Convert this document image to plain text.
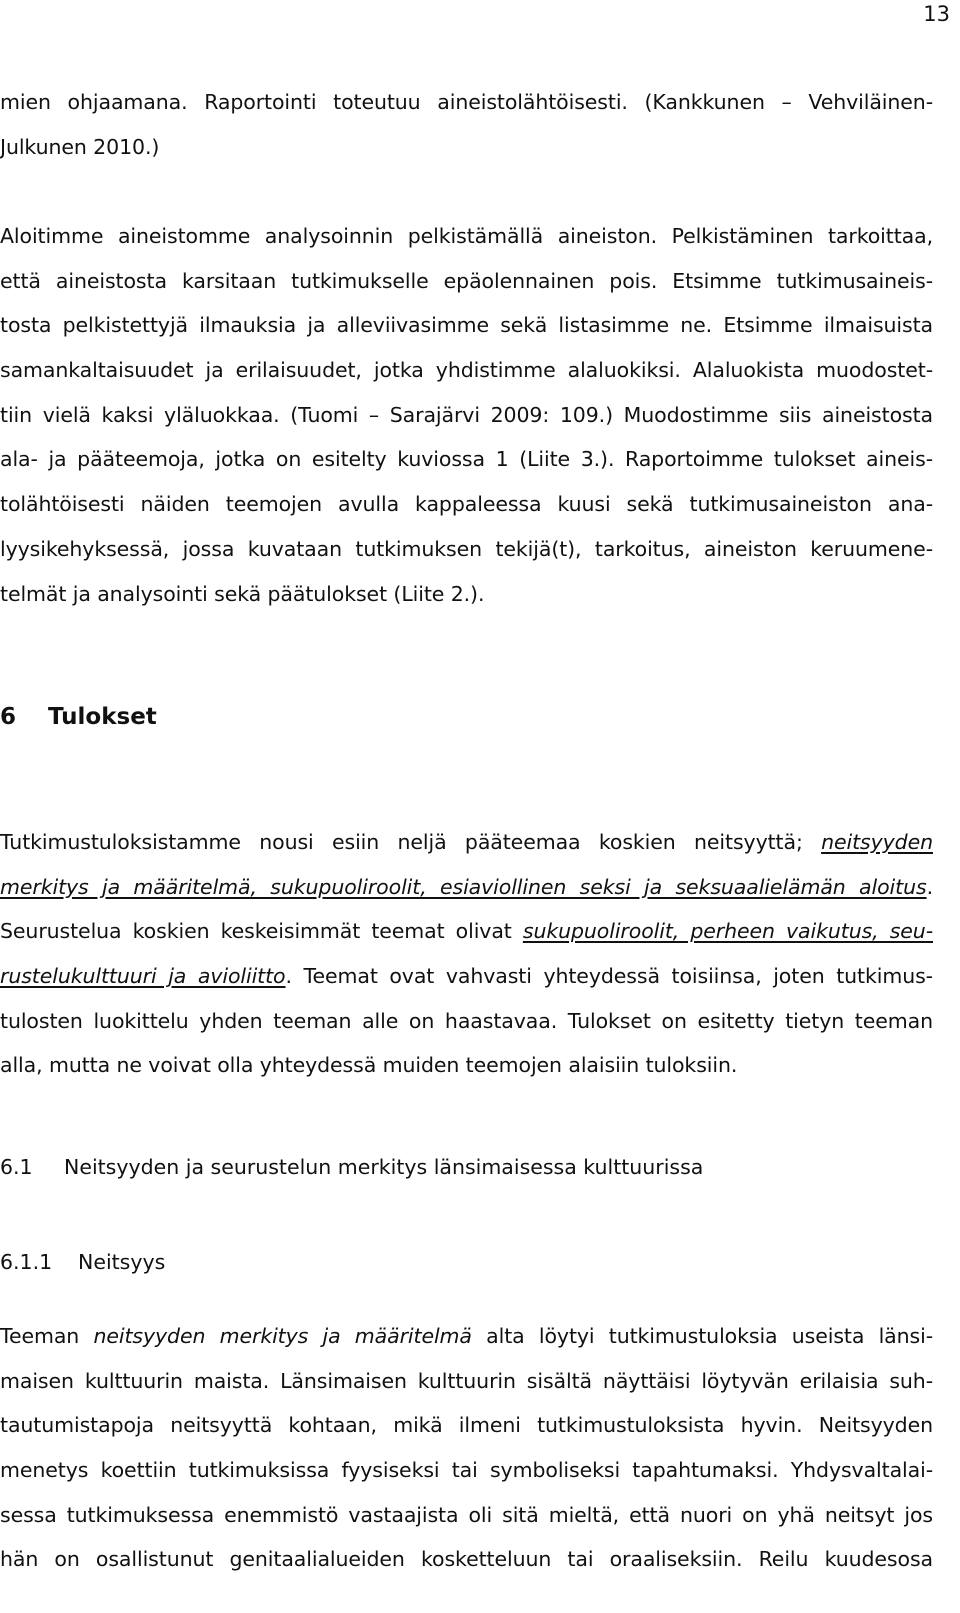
13

mien ohjaamana. Raportointi toteutuu aineistolähtöisesti. (Kankkunen – Vehviläinen-
Julkunen 2010.)

Aloitimme aineistomme analysoinnin pelkistämällä aineiston. Pelkistäminen tarkoittaa,
että aineistosta karsitaan tutkimukselle epäolennainen pois. Etsimme tutkimusaineis-
tosta pelkistettyjä ilmauksia ja alleviivasimme sekä listasimme ne. Etsimme ilmaisuista
samankaltaisuudet ja erilaisuudet, jotka yhdistimme alaluokiksi. Alaluokista muodostet-
tiin vielä kaksi yläluokkaa. (Tuomi – Sarajärvi 2009: 109.) Muodostimme siis aineistosta
ala- ja pääteemoja, jotka on esitelty kuviossa 1 (Liite 3.). Raportoimme tulokset aineis-
tolähtöisesti näiden teemojen avulla kappaleessa kuusi sekä tutkimusaineiston ana-
lyysikehyksessä, jossa kuvataan tutkimuksen tekijä(t), tarkoitus, aineiston keruumene-
telmät ja analysointi sekä päätulokset (Liite 2.).

6 Tulokset

Tutkimustuloksistamme nousi esiin neljä pääteemaa koskien neitsyyttä; neitsyyden
merkitys ja määritelmä, sukupuoliroolit, esiaviollinen seksi ja seksuaalielämän aloitus.
Seurustelua koskien keskeisimmät teemat olivat sukupuoliroolit, perheen vaikutus, seu-
rustelukulttuuri ja avioliitto. Teemat ovat vahvasti yhteydessä toisiinsa, joten tutkimus-
tulosten luokittelu yhden teeman alle on haastavaa. Tulokset on esitetty tietyn teeman
alla, mutta ne voivat olla yhteydessä muiden teemojen alaisiin tuloksiin.

6.1 Neitsyyden ja seurustelun merkitys länsimaisessa kulttuurissa
6.1.1 Neitsyys

Teeman neitsyyden merkitys ja määritelmä alta löytyi tutkimustuloksia useista länsi-
maisen kulttuurin maista. Länsimaisen kulttuurin sisältä näyttäisi löytyvän erilaisia suh-
tautumistapoja neitsyyttä kohtaan, mikä ilmeni tutkimustuloksista hyvin. Neitsyyden
menetys koettiin tutkimuksissa fyysiseksi tai symboliseksi tapahtumaksi. Yhdysvaltalai-
sessa tutkimuksessa enemmistö vastaajista oli sitä mieltä, että nuori on yhä neitsyt jos
hän on osallistunut genitaalialueiden kosketteluun tai oraaliseksiin. Reilu kuudesosa
